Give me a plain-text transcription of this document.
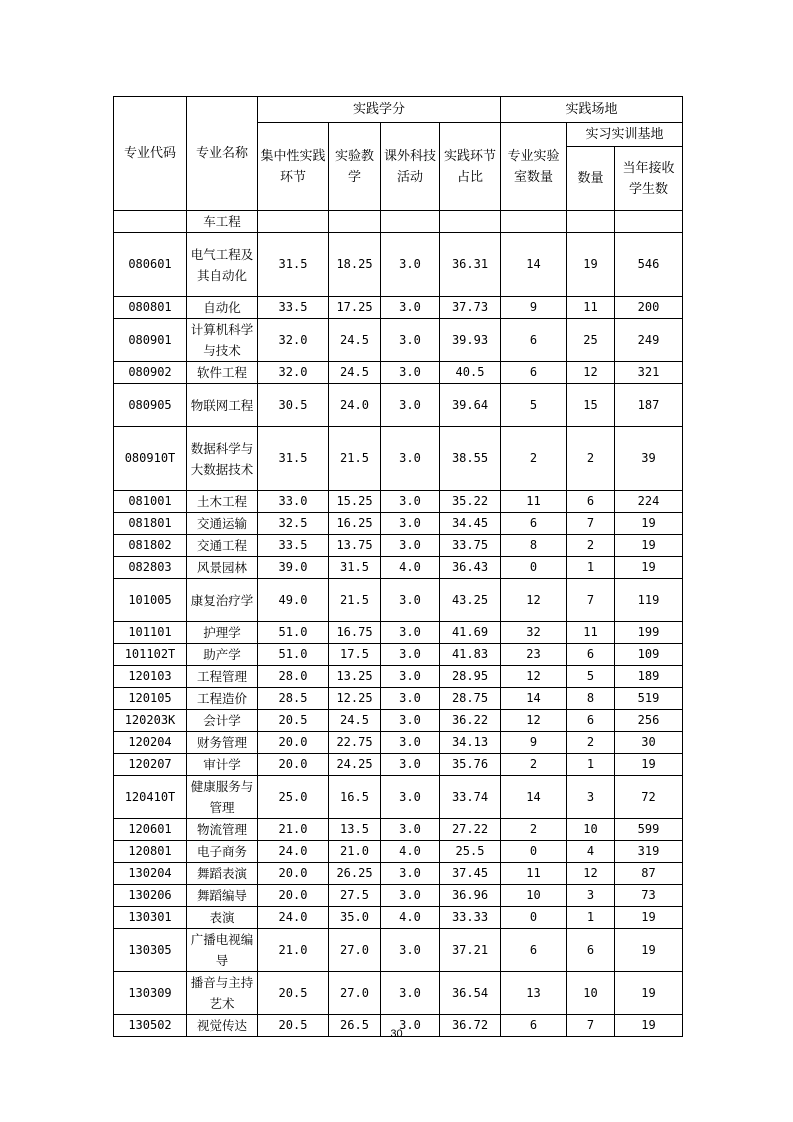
专业代码	专业名称	实践学分				实践场地		
		集中性实践环节	实验教学	课外科技活动	实践环节占比	专业实验室数量	实习实训基地	
							数量	当年接收学生数
	车工程							
080601	电气工程及其自动化	31.5	18.25	3.0	36.31	14	19	546
080801	自动化	33.5	17.25	3.0	37.73	9	11	200
080901	计算机科学与技术	32.0	24.5	3.0	39.93	6	25	249
080902	软件工程	32.0	24.5	3.0	40.5	6	12	321
080905	物联网工程	30.5	24.0	3.0	39.64	5	15	187
080910T	数据科学与大数据技术	31.5	21.5	3.0	38.55	2	2	39
081001	土木工程	33.0	15.25	3.0	35.22	11	6	224
081801	交通运输	32.5	16.25	3.0	34.45	6	7	19
081802	交通工程	33.5	13.75	3.0	33.75	8	2	19
082803	风景园林	39.0	31.5	4.0	36.43	0	1	19
101005	康复治疗学	49.0	21.5	3.0	43.25	12	7	119
101101	护理学	51.0	16.75	3.0	41.69	32	11	199
101102T	助产学	51.0	17.5	3.0	41.83	23	6	109
120103	工程管理	28.0	13.25	3.0	28.95	12	5	189
120105	工程造价	28.5	12.25	3.0	28.75	14	8	519
120203K	会计学	20.5	24.5	3.0	36.22	12	6	256
120204	财务管理	20.0	22.75	3.0	34.13	9	2	30
120207	审计学	20.0	24.25	3.0	35.76	2	1	19
120410T	健康服务与管理	25.0	16.5	3.0	33.74	14	3	72
120601	物流管理	21.0	13.5	3.0	27.22	2	10	599
120801	电子商务	24.0	21.0	4.0	25.5	0	4	319
130204	舞蹈表演	20.0	26.25	3.0	37.45	11	12	87
130206	舞蹈编导	20.0	27.5	3.0	36.96	10	3	73
130301	表演	24.0	35.0	4.0	33.33	0	1	19
130305	广播电视编导	21.0	27.0	3.0	37.21	6	6	19
130309	播音与主持艺术	20.5	27.0	3.0	36.54	13	10	19
130502	视觉传达	20.5	26.5	3.0	36.72	6	7	19
30
